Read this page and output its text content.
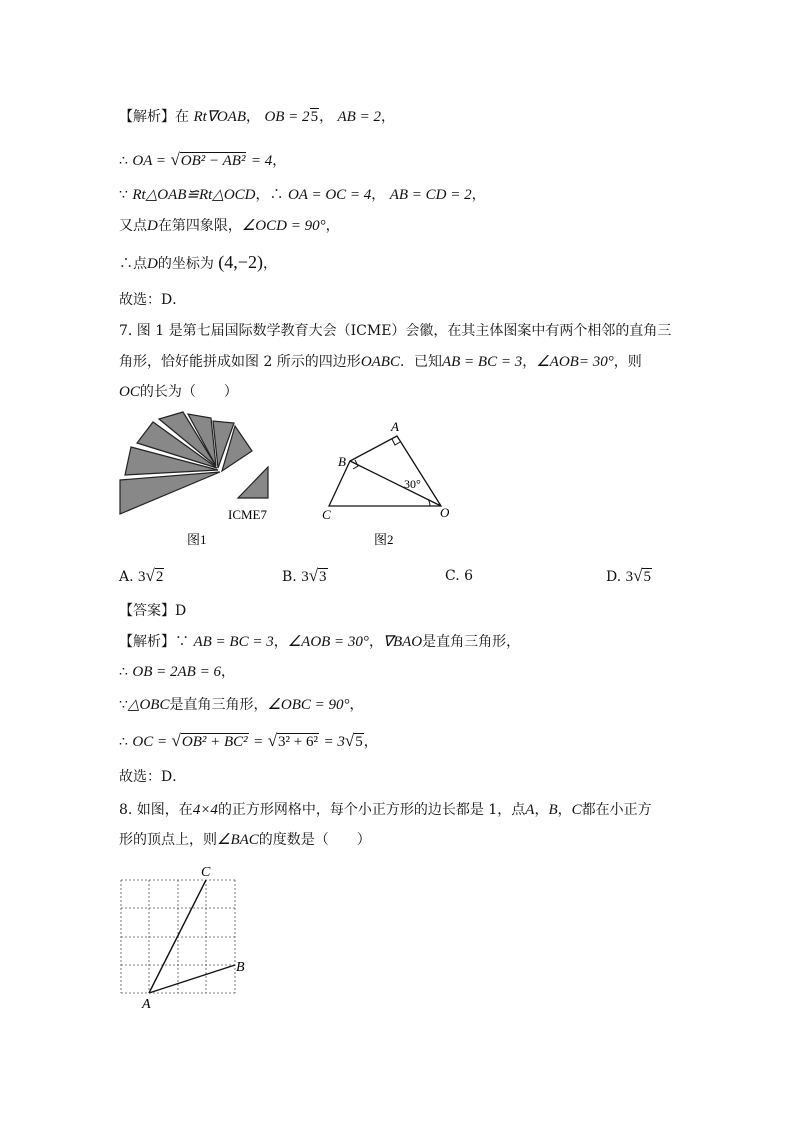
【解析】在 Rt∇OAB， OB = 25， AB = 2，
∴ OA = √OB² − AB² = 4，
∵ Rt△OAB≌Rt△OCD，∴ OA = OC = 4， AB = CD = 2，
又点D在第四象限，∠OCD = 90°，
∴点D的坐标为 (4,−2)，
故选：D．
7. 图 1 是第七届国际数学教育大会（ICME）会徽，在其主体图案中有两个相邻的直角三
角形，恰好能拼成如图 2 所示的四边形OABC．已知AB = BC = 3，∠AOB= 30°，则
OC的长为（　　）
ICME7
图1
A
B
C	O
30°
图2
A. 3√2	B. 3√3	C. 6	D. 3√5
【答案】D
【解析】∵ AB = BC = 3，∠AOB = 30°，∇BAO是直角三角形，
∴ OB = 2AB = 6，
∵△OBC是直角三角形，∠OBC = 90°，
∴ OC = √OB² + BC² = √3² + 6² = 3√5，
故选：D．
8. 如图，在4×4的正方形网格中，每个小正方形的边长都是 1，点A，B，C都在小正方
形的顶点上，则∠BAC的度数是（　　）
C
B
A
